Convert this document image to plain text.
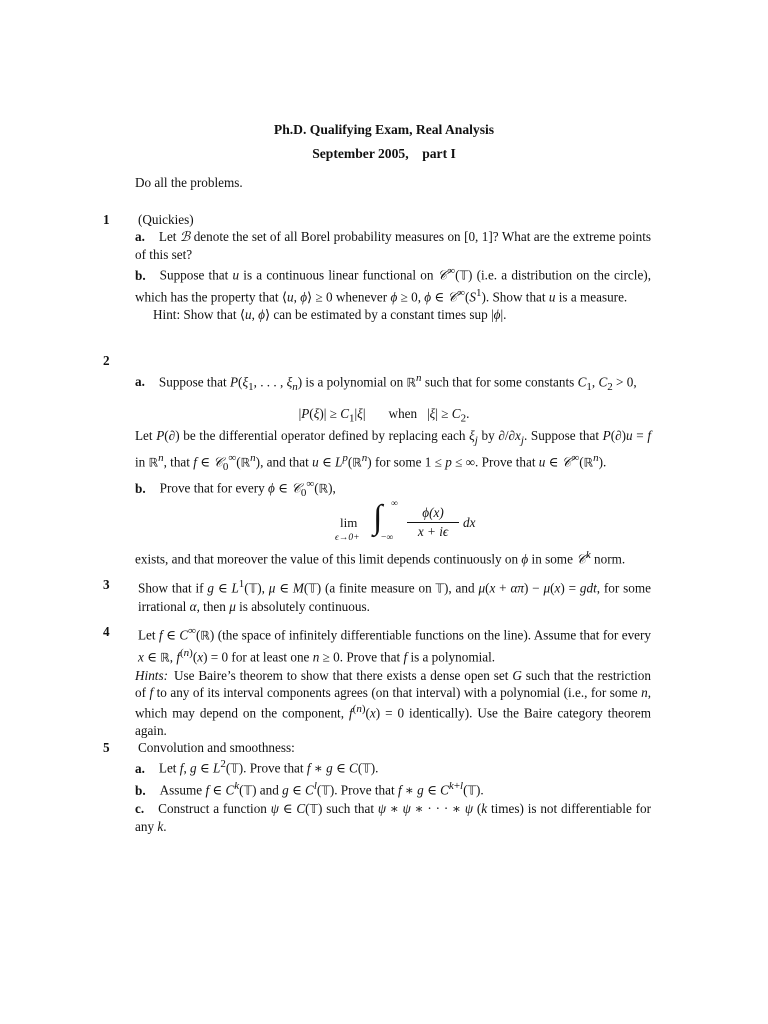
Ph.D. Qualifying Exam, Real Analysis
September 2005, part I
Do all the problems.
1 (Quickies)
a. Let ℬ denote the set of all Borel probability measures on [0, 1]? What are the extreme points of this set?
b. Suppose that u is a continuous linear functional on 𝒞∞(𝕋) (i.e. a distribution on the circle), which has the property that ⟨u, ϕ⟩ ≥ 0 whenever ϕ ≥ 0, ϕ ∈ $𝒞^\infty(S^1)$. Show that u is a measure.
Hint: Show that ⟨u, ϕ⟩ can be estimated by a constant times sup |ϕ|.
2
a. Suppose that $P(\xi_1$, . . . , $\xi_n$) is a polynomial on ℝ$^n$ such that for some constants $C_1$, $C_2 > 0$,
$|P(\xi)| \ge C_1|\xi|$       when   $|\xi| \ge C_2$.
Let P(∂) be the differential operator defined by replacing each $\xi_j$ by $\partial/\partial x_j$. Suppose that P(∂)u = f in ℝ$^n$, that f ∈ 𝒞$_0$∞(ℝ$^n$), and that u ∈ $L^p(ℝ^n)$ for some 1 ≤ p ≤ ∞. Prove that u ∈ 𝒞∞(ℝ$^n$).
b. Prove that for every ϕ ∈ 𝒞$_0$∞(ℝ),
lim
ϵ→0+
∫ ∞
−∞
ϕ(x)
x + iϵ
dx
exists, and that moreover the value of this limit depends continuously on ϕ in some 𝒞$^k$ norm.
3 Show that if g ∈ $L^1(𝕋)$, μ ∈ M(𝕋) (a finite measure on 𝕋), and μ(x + απ) − μ(x) = gdt, for some irrational α, then μ is absolutely continuous.
4 Let f ∈ C∞(ℝ) (the space of infinitely differentiable functions on the line). Assume that for every x ∈ ℝ, $f^{(n)}(x) = 0$ for at least one n ≥ 0. Prove that f is a polynomial.
Hints: Use Baire’s theorem to show that there exists a dense open set G such that the restriction of f to any of its interval components agrees (on that interval) with a polynomial (i.e., for some n, which may depend on the component, $f^{(n)}(x) = 0$ identically). Use the Baire category theorem again.
5 Convolution and smoothness:
a. Let f, g ∈ $L^2(𝕋)$. Prove that f ∗ g ∈ C(𝕋).
b. Assume f ∈ $C^k(𝕋)$ and g ∈ $C^l(𝕋)$. Prove that f ∗ g ∈ $C^{k+l}(𝕋)$.
c. Construct a function ψ ∈ C(𝕋) such that ψ ∗ ψ ∗ · · · ∗ ψ (k times) is not differentiable for any k.
